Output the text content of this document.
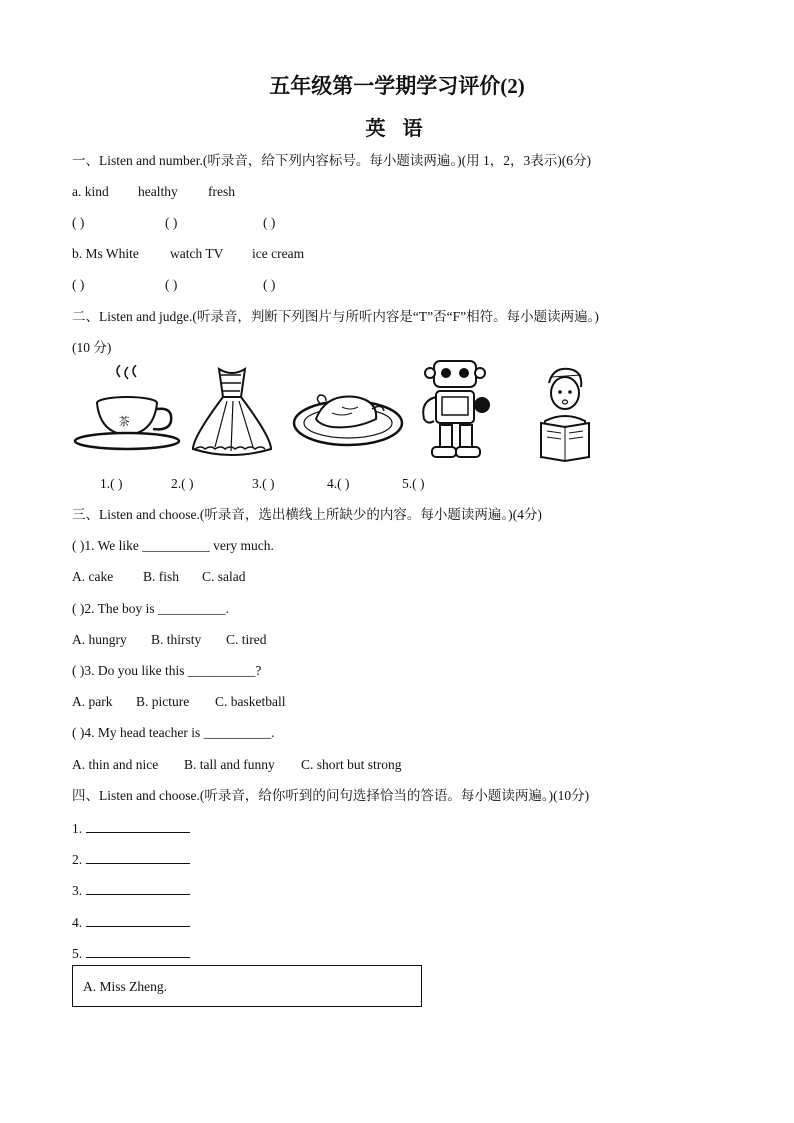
五年级第一学期学习评价(2)
英 语
一、Listen and number.(听录音，给下列内容标号。每小题读两遍。)(用 1，2，3表示)(6分)
a. kind healthy fresh
( )	( )	( )
b. Ms White watch TV ice cream
( )	( )	( )
二、Listen and judge.(听录音，判断下列图片与所听内容是“T”否“F”相符。每小题读两遍。)
(10 分)
茶
1.( )	2.( )	3.( )	4.( )	5.( )
三、Listen and choose.(听录音，选出横线上所缺少的内容。每小题读两遍。)(4分)
( )1. We like __________ very much.
A. cake B. fish C. salad
( )2. The boy is __________.
A. hungry B. thirsty C. tired
( )3. Do you like this __________?
A. park B. picture C. basketball
( )4. My head teacher is __________.
A. thin and nice B. tall and funny C. short but strong
四、Listen and choose.(听录音，给你听到的问句选择恰当的答语。每小题读两遍。)(10分)
1.
2.
3.
4.
5.
A. Miss Zheng.
